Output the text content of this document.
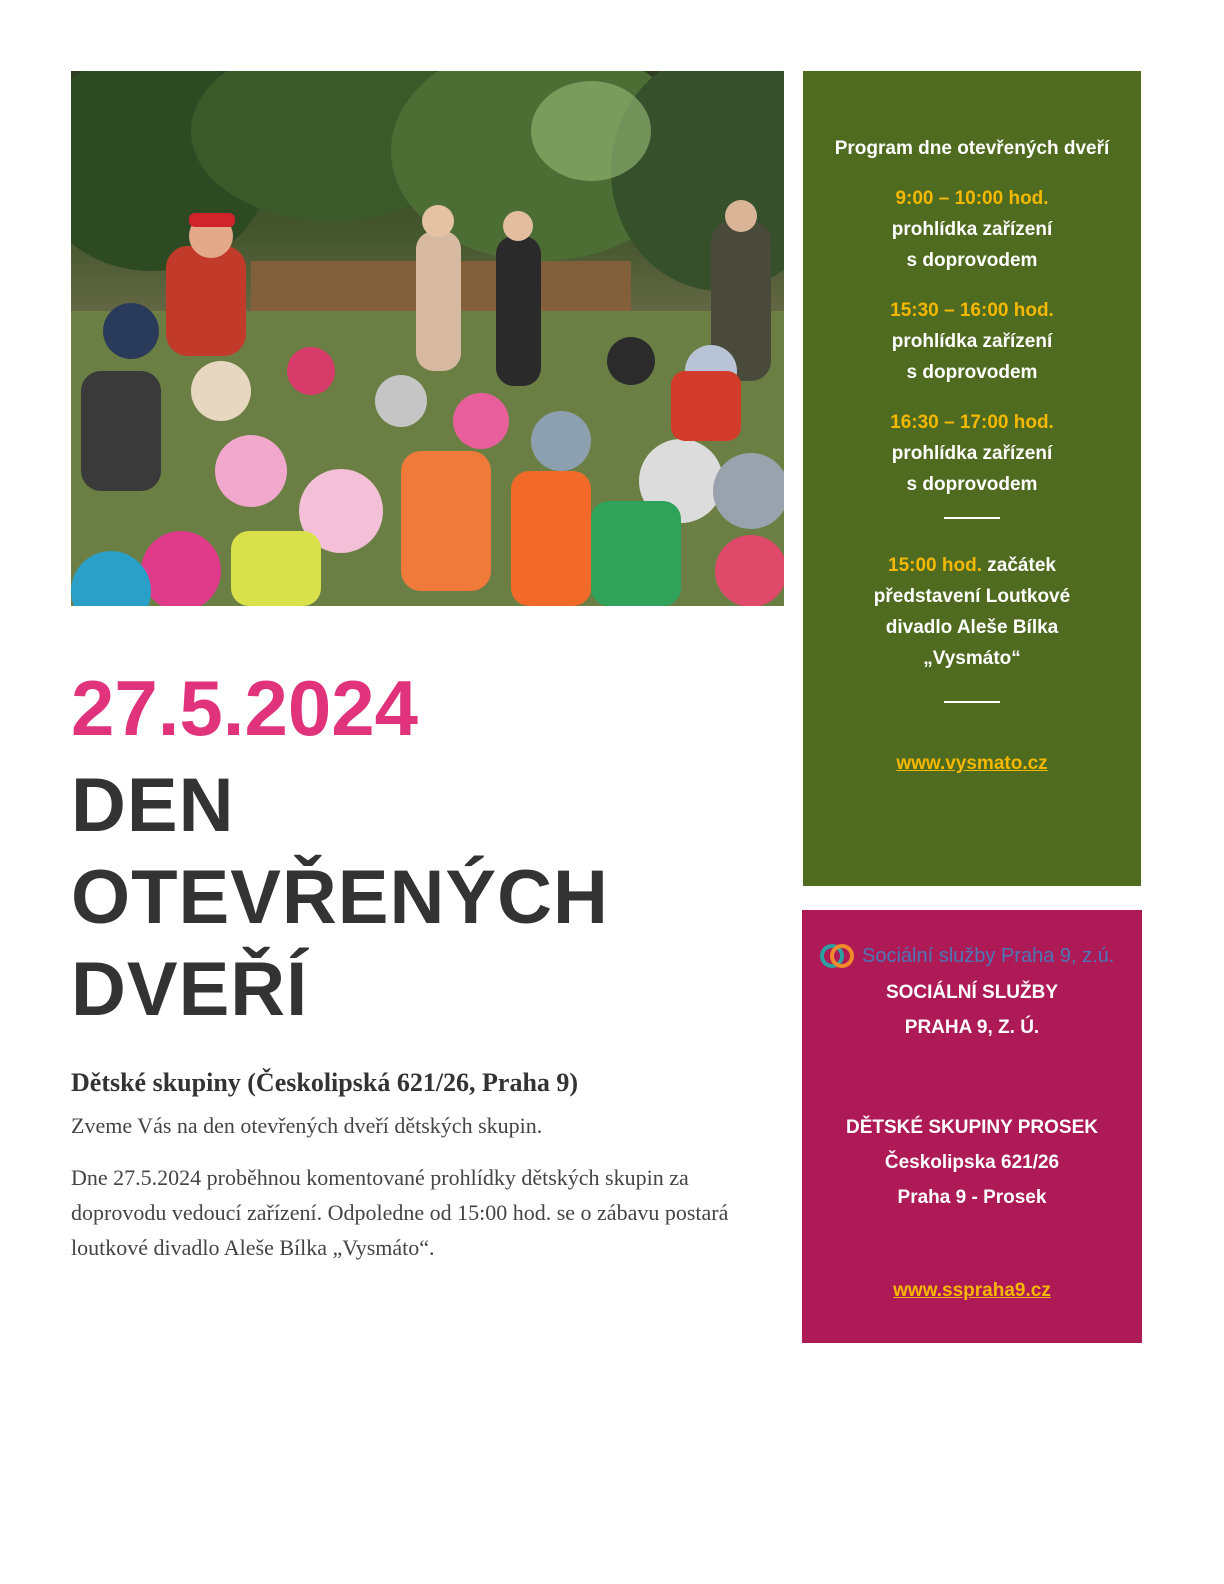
27.5.2024
DEN
OTEVŘENÝCH
DVEŘÍ
Dětské skupiny (Českolipská 621/26, Praha 9)

Zveme Vás na den otevřených dveří dětských skupin.

Dne 27.5.2024 proběhnou komentované prohlídky dětských skupin za doprovodu vedoucí zařízení. Odpoledne od 15:00 hod. se o zábavu postará loutkové divadlo Aleše Bílka „Vysmáto“.

Program dne otevřených dveří

9:00 – 10:00 hod.

prohlídka zařízení

s doprovodem

15:30 – 16:00 hod.

prohlídka zařízení

s doprovodem

16:30 – 17:00 hod.

prohlídka zařízení

s doprovodem

15:00 hod. začátek

představení Loutkové

divadlo Aleše Bílka

„Vysmáto“

www.vysmato.cz

Sociální služby Praha 9, z.ú.

SOCIÁLNÍ SLUŽBY

PRAHA 9, Z. Ú.

DĚTSKÉ SKUPINY PROSEK

Českolipska 621/26

Praha 9 - Prosek

www.sspraha9.cz
